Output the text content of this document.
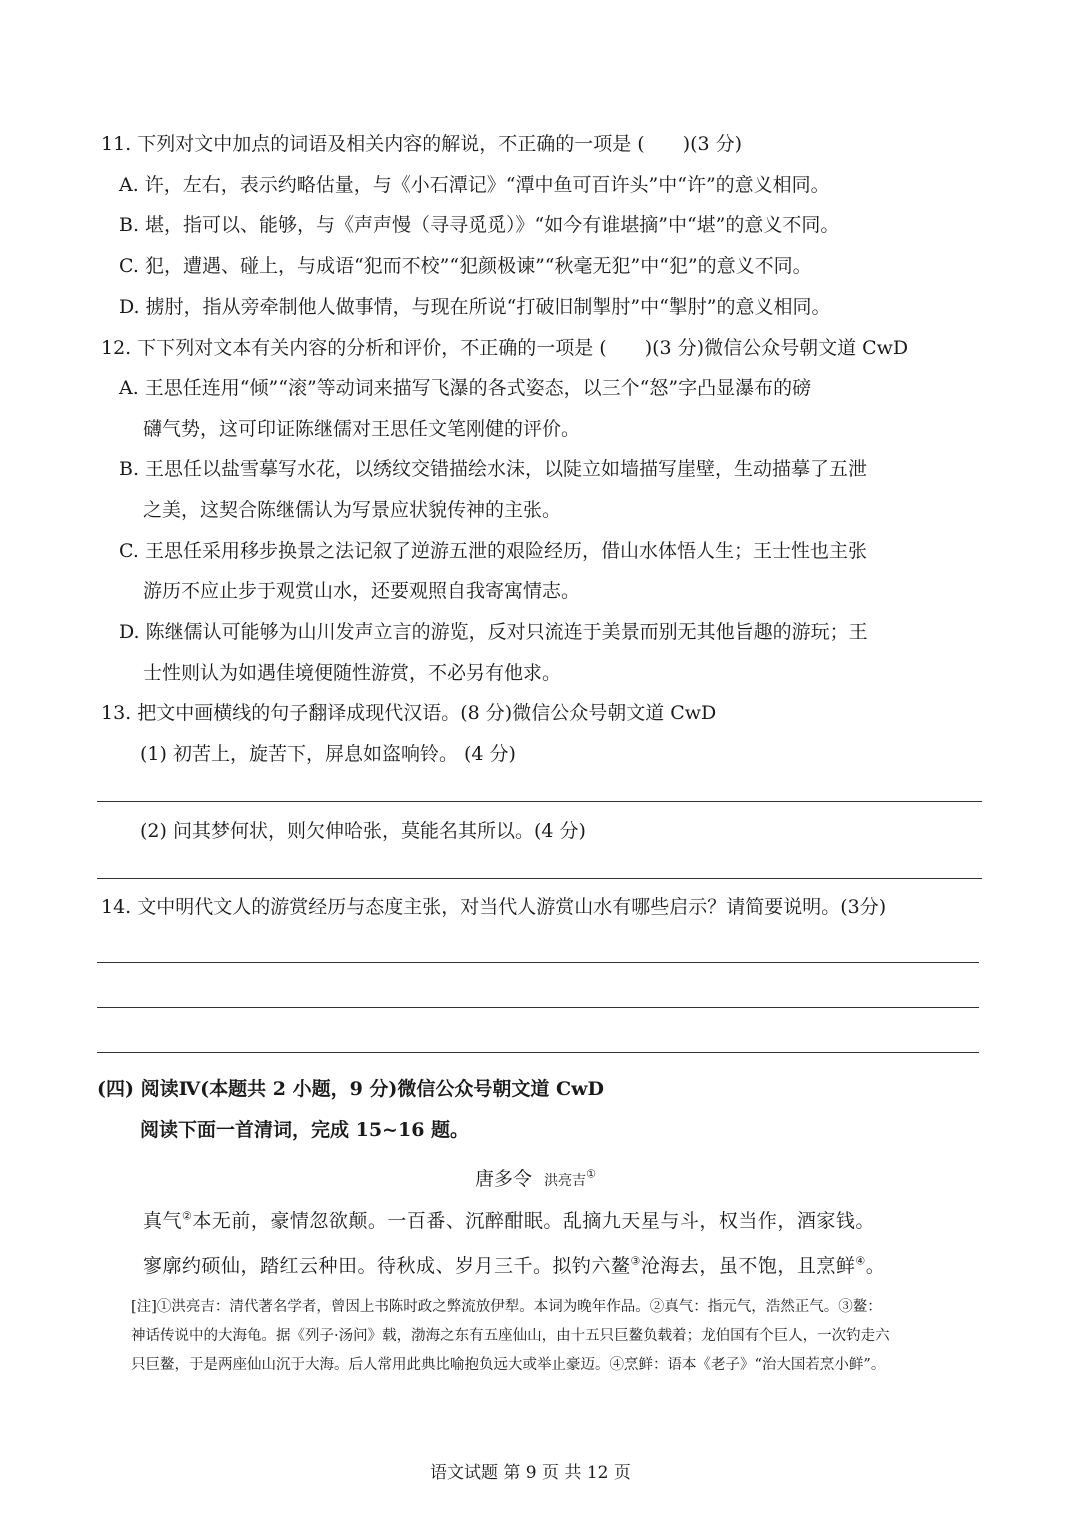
11. 下列对文中加点的词语及相关内容的解说，不正确的一项是 (　　)(3 分)
A. 许，左右，表示约略估量，与《小石潭记》“潭中鱼可百许头”中“许”的意义相同。
B. 堪，指可以、能够，与《声声慢（寻寻觅觅）》“如今有谁堪摘”中“堪”的意义不同。
C. 犯，遭遇、碰上，与成语“犯而不校”“犯颜极谏”“秋毫无犯”中“犯”的意义不同。
D. 掳肘，指从旁牵制他人做事情，与现在所说“打破旧制掣肘”中“掣肘”的意义相同。
12. 下下列对文本有关内容的分析和评价，不正确的一项是 (　　)(3 分)微信公众号朝文道 CwD
A. 王思任连用“倾”“滚”等动词来描写飞瀑的各式姿态，以三个“怒”字凸显瀑布的磅
礴气势，这可印证陈继儒对王思任文笔刚健的评价。
B. 王思任以盐雪摹写水花，以绣纹交错描绘水沫，以陡立如墙描写崖壁，生动描摹了五泄
之美，这契合陈继儒认为写景应状貌传神的主张。
C. 王思任采用移步换景之法记叙了逆游五泄的艰险经历，借山水体悟人生；王士性也主张
游历不应止步于观赏山水，还要观照自我寄寓情志。
D. 陈继儒认可能够为山川发声立言的游览，反对只流连于美景而别无其他旨趣的游玩；王
士性则认为如遇佳境便随性游赏，不必另有他求。
13. 把文中画横线的句子翻译成现代汉语。(8 分)微信公众号朝文道 CwD
(1) 初苦上，旋苦下，屏息如盗响铃。 (4 分)
(2) 问其梦何状，则欠伸哈张，莫能名其所以。(4 分)
14. 文中明代文人的游赏经历与态度主张，对当代人游赏山水有哪些启示？请简要说明。(3分)
(四) 阅读Ⅳ(本题共 2 小题，9 分)微信公众号朝文道 CwD
阅读下面一首清词，完成 15~16 题。
唐多令 洪亮吉①
真气②本无前，豪情忽欲颠。一百番、沉醉酣眠。乱摘九天星与斗，权当作，酒家钱。
寥廓约硕仙，踏红云种田。待秋成、岁月三千。拟钓六鳌③沧海去，虽不饱，且烹鲜④。
[注]①洪亮吉：清代著名学者，曾因上书陈时政之弊流放伊犁。本词为晚年作品。②真气：指元气，浩然正气。③鳌：
神话传说中的大海龟。据《列子·汤问》载，渤海之东有五座仙山，由十五只巨鳌负载着；龙伯国有个巨人，一次钓走六
只巨鳌，于是两座仙山沉于大海。后人常用此典比喻抱负远大或举止豪迈。④烹鲜：语本《老子》“治大国若烹小鲜”。
语文试题 第 9 页 共 12 页
